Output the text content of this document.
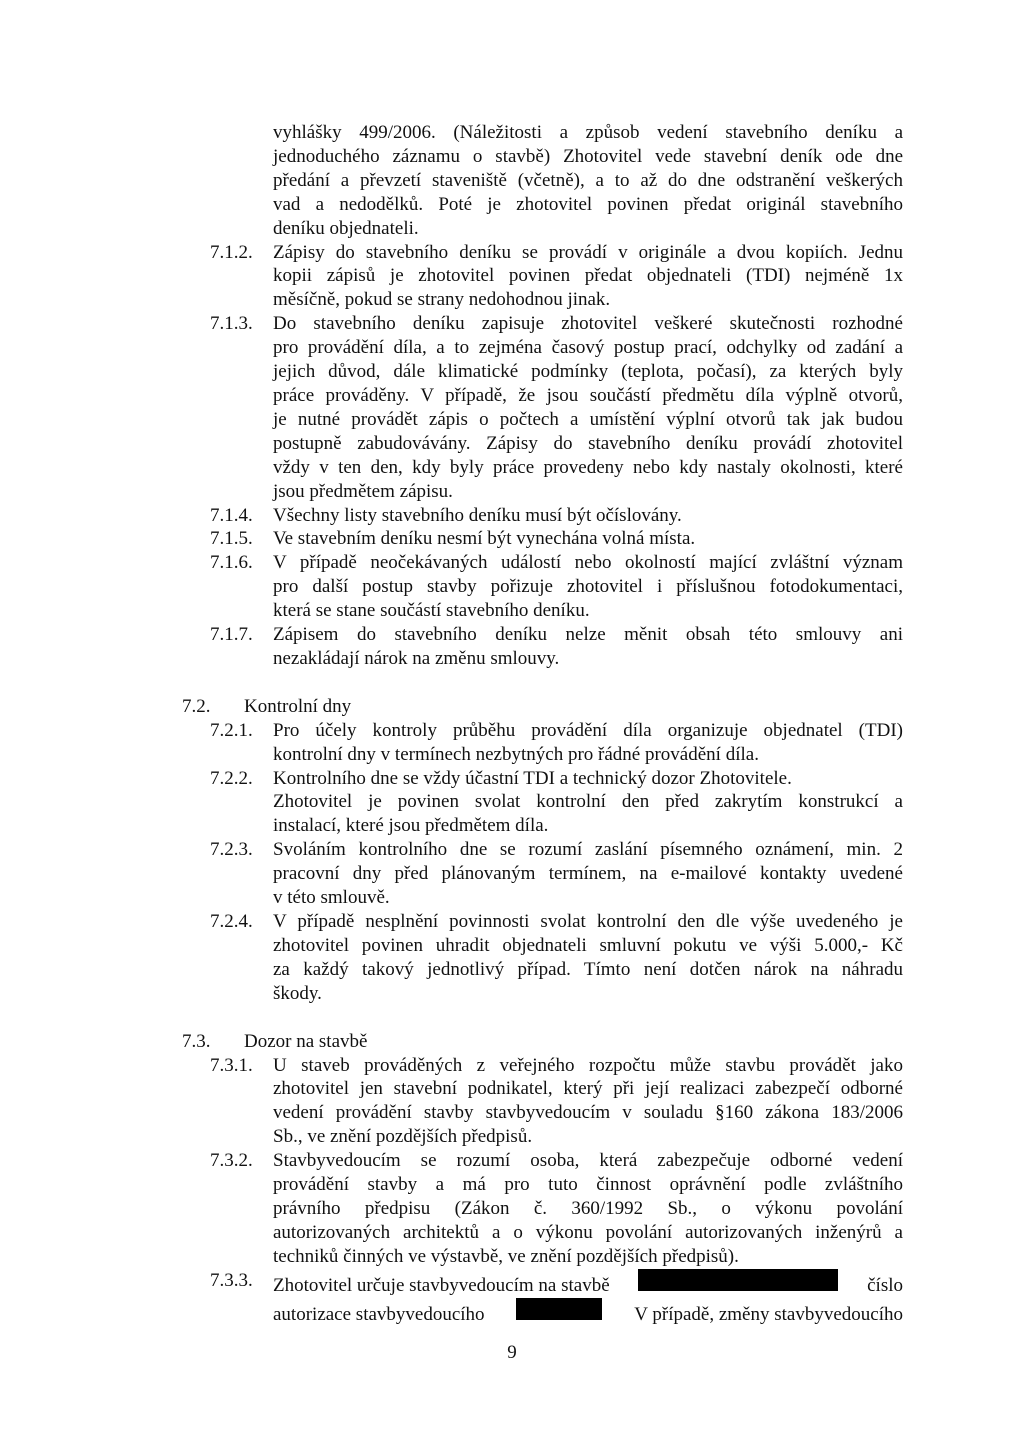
vyhlášky 499/2006. (Náležitosti a způsob vedení stavebního deníku a
jednoduchého záznamu o stavbě) Zhotovitel vede stavební deník ode dne
předání a převzetí staveniště (včetně), a to až do dne odstranění veškerých
vad a nedodělků. Poté je zhotovitel povinen předat originál stavebního
deníku objednateli.
7.1.2. Zápisy do stavebního deníku se provádí v originále a dvou kopiích. Jednu
kopii zápisů je zhotovitel povinen předat objednateli (TDI) nejméně 1x
měsíčně, pokud se strany nedohodnou jinak.
7.1.3. Do stavebního deníku zapisuje zhotovitel veškeré skutečnosti rozhodné
pro provádění díla, a to zejména časový postup prací, odchylky od zadání a
jejich důvod, dále klimatické podmínky (teplota, počasí), za kterých byly
práce prováděny. V případě, že jsou součástí předmětu díla výplně otvorů,
je nutné provádět zápis o počtech a umístění výplní otvorů tak jak budou
postupně zabudovávány. Zápisy do stavebního deníku provádí zhotovitel
vždy v ten den, kdy byly práce provedeny nebo kdy nastaly okolnosti, které
jsou předmětem zápisu.
7.1.4. Všechny listy stavebního deníku musí být očíslovány.
7.1.5. Ve stavebním deníku nesmí být vynechána volná místa.
7.1.6. V případě neočekávaných událostí nebo okolností mající zvláštní význam
pro další postup stavby pořizuje zhotovitel i příslušnou fotodokumentaci,
která se stane součástí stavebního deníku.
7.1.7. Zápisem do stavebního deníku nelze měnit obsah této smlouvy ani
nezakládají nárok na změnu smlouvy.
7.2. Kontrolní dny
7.2.1. Pro účely kontroly průběhu provádění díla organizuje objednatel (TDI)
kontrolní dny v termínech nezbytných pro řádné provádění díla.
7.2.2. Kontrolního dne se vždy účastní TDI a technický dozor Zhotovitele.
Zhotovitel je povinen svolat kontrolní den před zakrytím konstrukcí a
instalací, které jsou předmětem díla.
7.2.3. Svoláním kontrolního dne se rozumí zaslání písemného oznámení, min. 2
pracovní dny před plánovaným termínem, na e-mailové kontakty uvedené
v této smlouvě.
7.2.4. V případě nesplnění povinnosti svolat kontrolní den dle výše uvedeného je
zhotovitel povinen uhradit objednateli smluvní pokutu ve výši 5.000,- Kč
za každý takový jednotlivý případ. Tímto není dotčen nárok na náhradu
škody.
7.3. Dozor na stavbě
7.3.1. U staveb prováděných z veřejného rozpočtu může stavbu provádět jako
zhotovitel jen stavební podnikatel, který při její realizaci zabezpečí odborné
vedení provádění stavby stavbyvedoucím v souladu §160 zákona 183/2006
Sb., ve znění pozdějších předpisů.
7.3.2. Stavbyvedoucím se rozumí osoba, která zabezpečuje odborné vedení
provádění stavby a má pro tuto činnost oprávnění podle zvláštního
právního předpisu (Zákon č. 360/1992 Sb., o výkonu povolání
autorizovaných architektů a o výkonu povolání autorizovaných inženýrů a
techniků činných ve výstavbě, ve znění pozdějších předpisů).
7.3.3. Zhotovitel určuje stavbyvedoucím na stavbě	číslo
autorizace stavbyvedoucího	V případě, změny stavbyvedoucího
9
